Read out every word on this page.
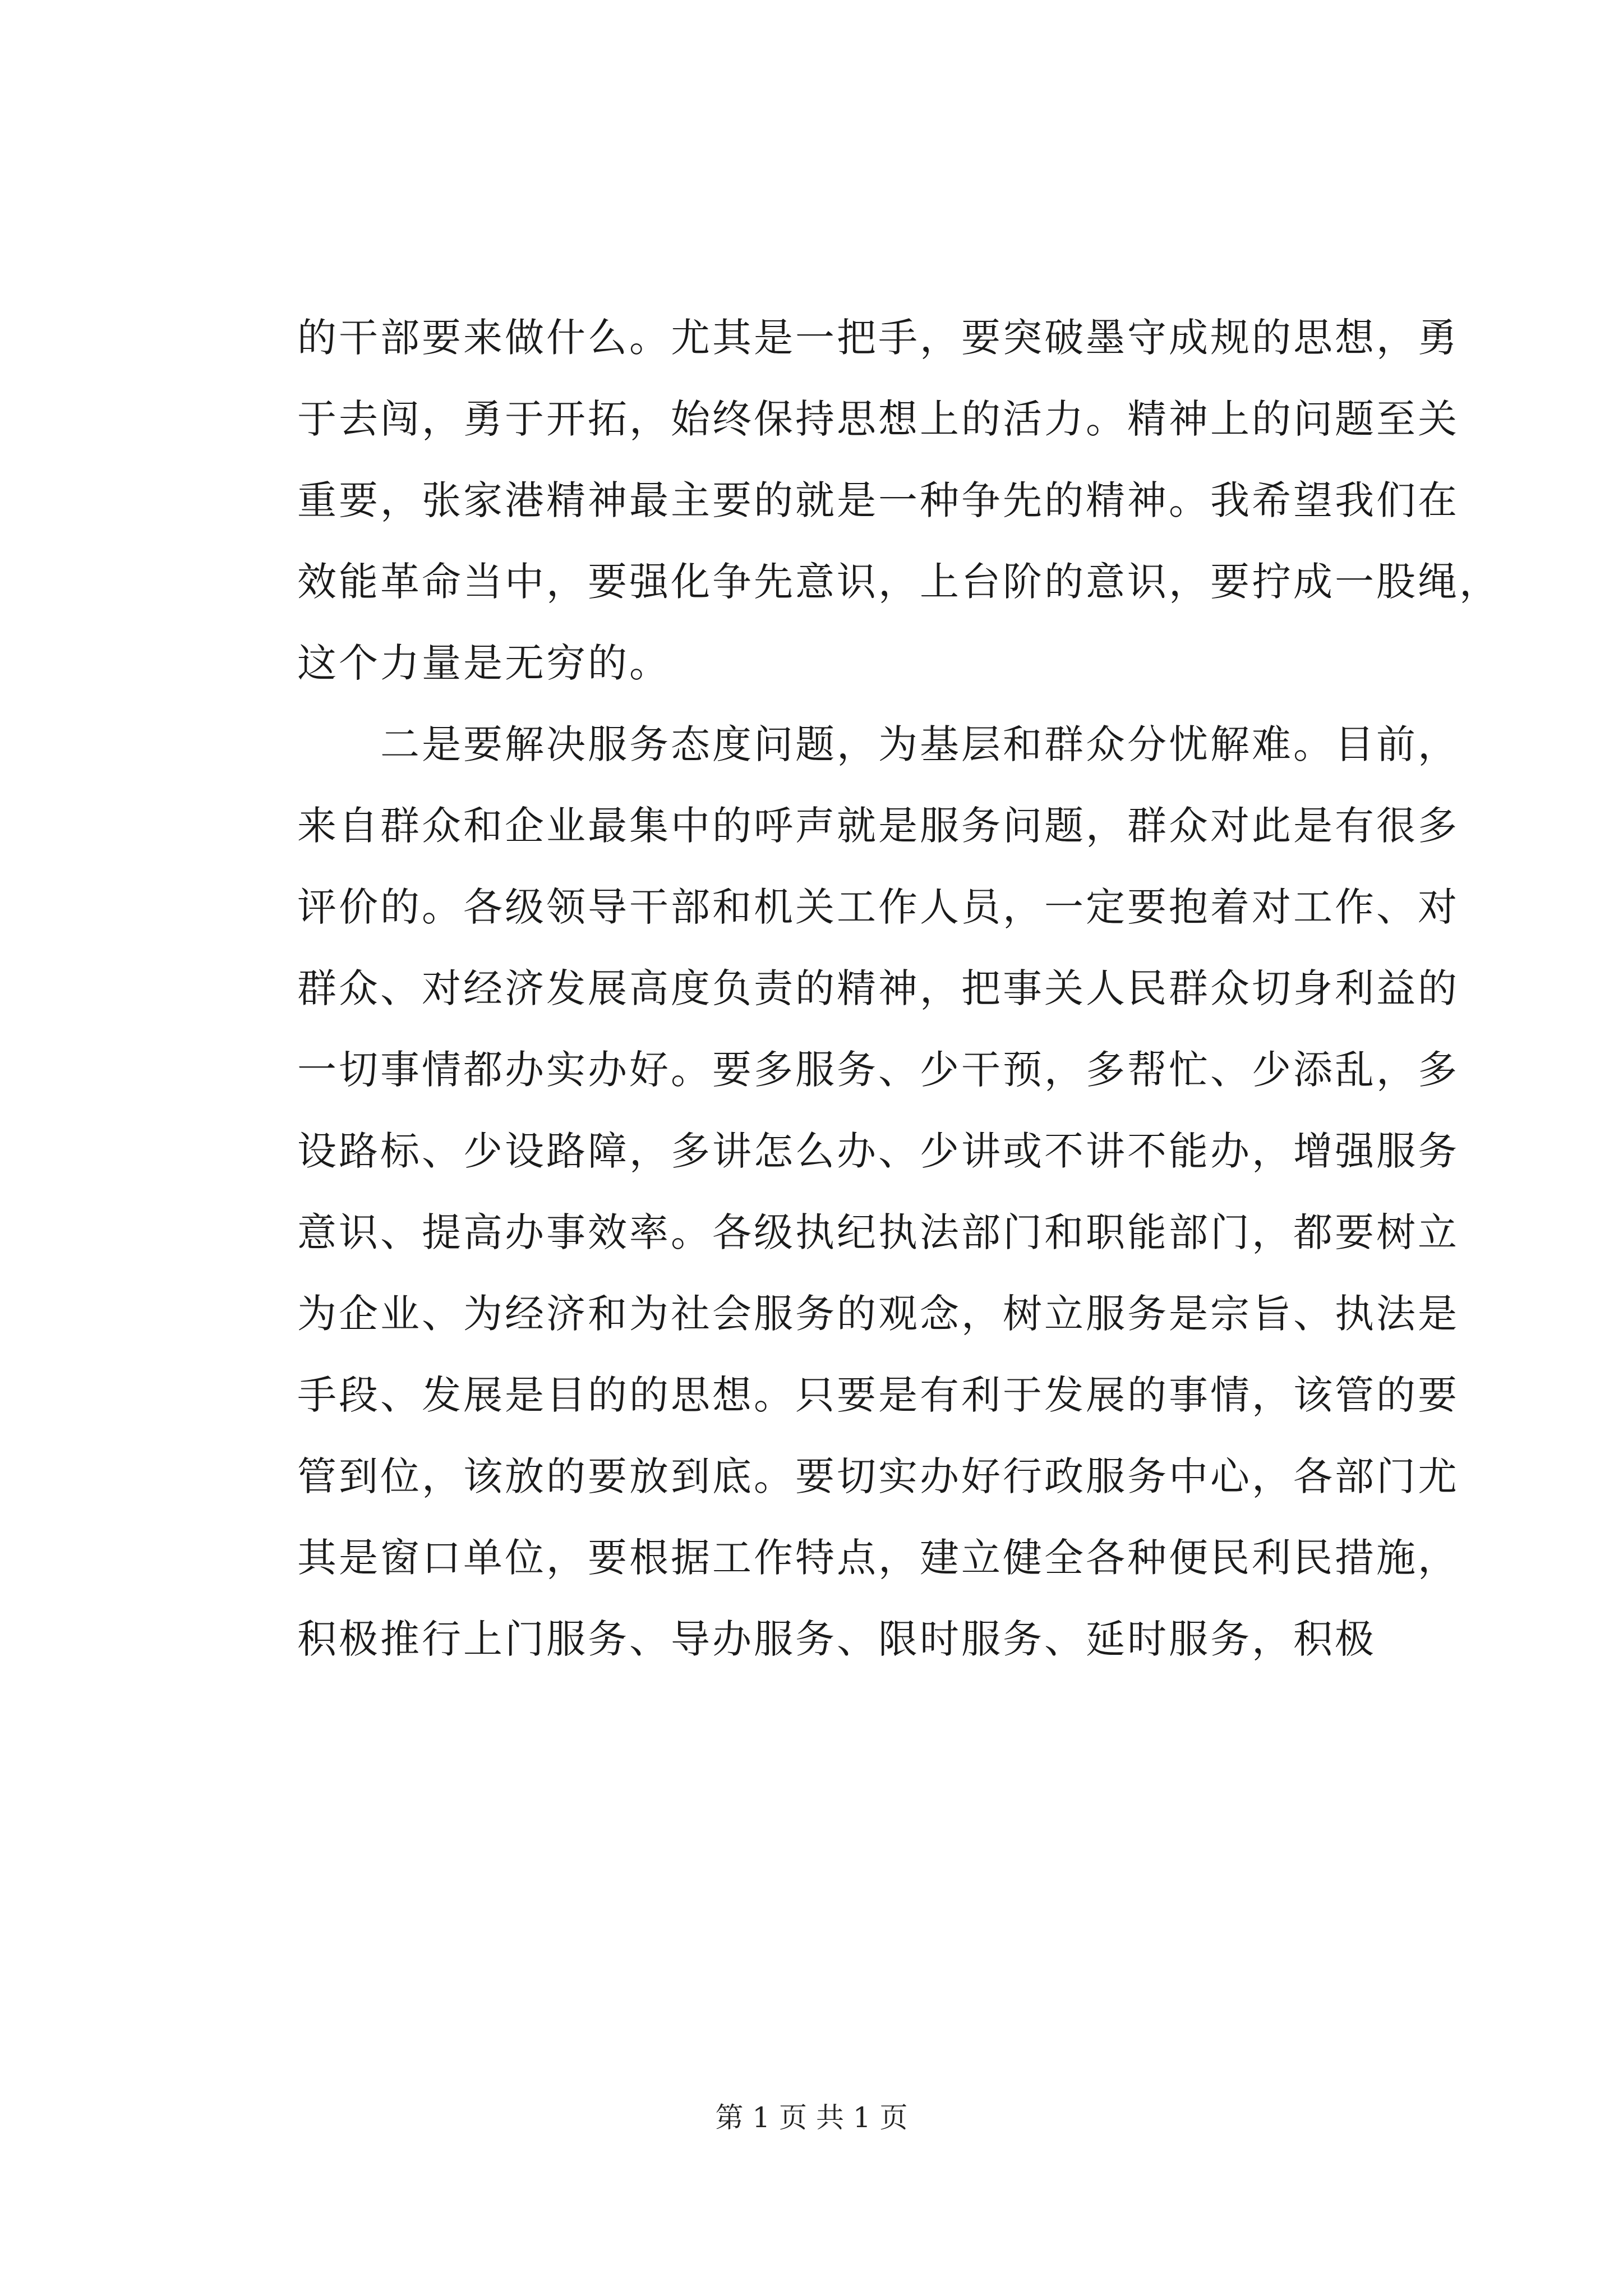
的干部要来做什么。尤其是一把手，要突破墨守成规的思想，勇
于去闯，勇于开拓，始终保持思想上的活力。精神上的问题至关
重要，张家港精神最主要的就是一种争先的精神。我希望我们在
效能革命当中，要强化争先意识，上台阶的意识，要拧成一股绳，
这个力量是无穷的。
　　二是要解决服务态度问题，为基层和群众分忧解难。目前，
来自群众和企业最集中的呼声就是服务问题，群众对此是有很多
评价的。各级领导干部和机关工作人员，一定要抱着对工作、对
群众、对经济发展高度负责的精神，把事关人民群众切身利益的
一切事情都办实办好。要多服务、少干预，多帮忙、少添乱，多
设路标、少设路障，多讲怎么办、少讲或不讲不能办，增强服务
意识、提高办事效率。各级执纪执法部门和职能部门，都要树立
为企业、为经济和为社会服务的观念，树立服务是宗旨、执法是
手段、发展是目的的思想。只要是有利于发展的事情，该管的要
管到位，该放的要放到底。要切实办好行政服务中心，各部门尤
其是窗口单位，要根据工作特点，建立健全各种便民利民措施，
积极推行上门服务、导办服务、限时服务、延时服务，积极
第 1 页 共 1 页
